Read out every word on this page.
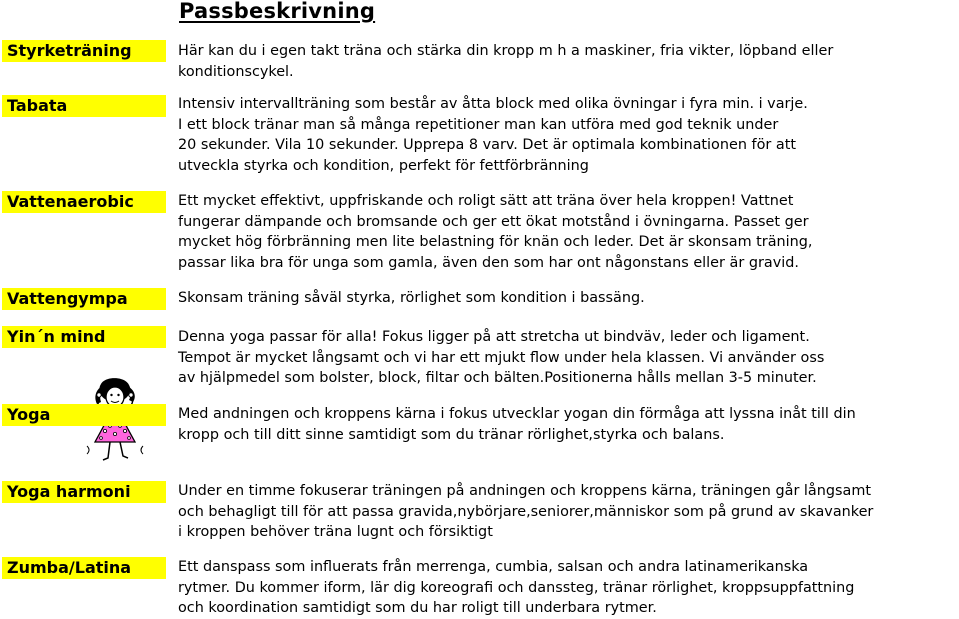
Passbeskrivning
Styrketräning	Här kan du i egen takt träna och stärka din kropp m h a maskiner, fria vikter, löpband eller
konditionscykel.
Tabata	Intensiv intervallträning som består av åtta block med olika övningar i fyra min. i varje.
I ett block tränar man så många repetitioner man kan utföra med god teknik under
20 sekunder. Vila 10 sekunder. Upprepa 8 varv. Det är optimala kombinationen för att
utveckla styrka och kondition, perfekt för fettförbränning
Vattenaerobic	Ett mycket effektivt, uppfriskande och roligt sätt att träna över hela kroppen! Vattnet
fungerar dämpande och bromsande och ger ett ökat motstånd i övningarna. Passet ger
mycket hög förbränning men lite belastning för knän och leder. Det är skonsam träning,
passar lika bra för unga som gamla, även den som har ont någonstans eller är gravid.
Vattengympa	Skonsam träning såväl styrka, rörlighet som kondition i bassäng.
Yin´n mind	Denna yoga passar för alla! Fokus ligger på att stretcha ut bindväv, leder och ligament.
Tempot är mycket långsamt och vi har ett mjukt flow under hela klassen. Vi använder oss
av hjälpmedel som bolster, block, filtar och bälten.Positionerna hålls mellan 3-5 minuter.
Yoga	Med andningen och kroppens kärna i fokus utvecklar yogan din förmåga att lyssna inåt till din
kropp och till ditt sinne samtidigt som du tränar rörlighet,styrka och balans.
Yoga harmoni	Under en timme fokuserar träningen på andningen och kroppens kärna, träningen går långsamt
och behagligt till för att passa gravida,nybörjare,seniorer,människor som på grund av skavanker
i kroppen behöver träna lugnt och försiktigt
Zumba/Latina	Ett danspass som influerats från merrenga, cumbia, salsan och andra latinamerikanska
rytmer. Du kommer iform, lär dig koreografi och danssteg, tränar rörlighet, kroppsuppfattning
och koordination samtidigt som du har roligt till underbara rytmer.
